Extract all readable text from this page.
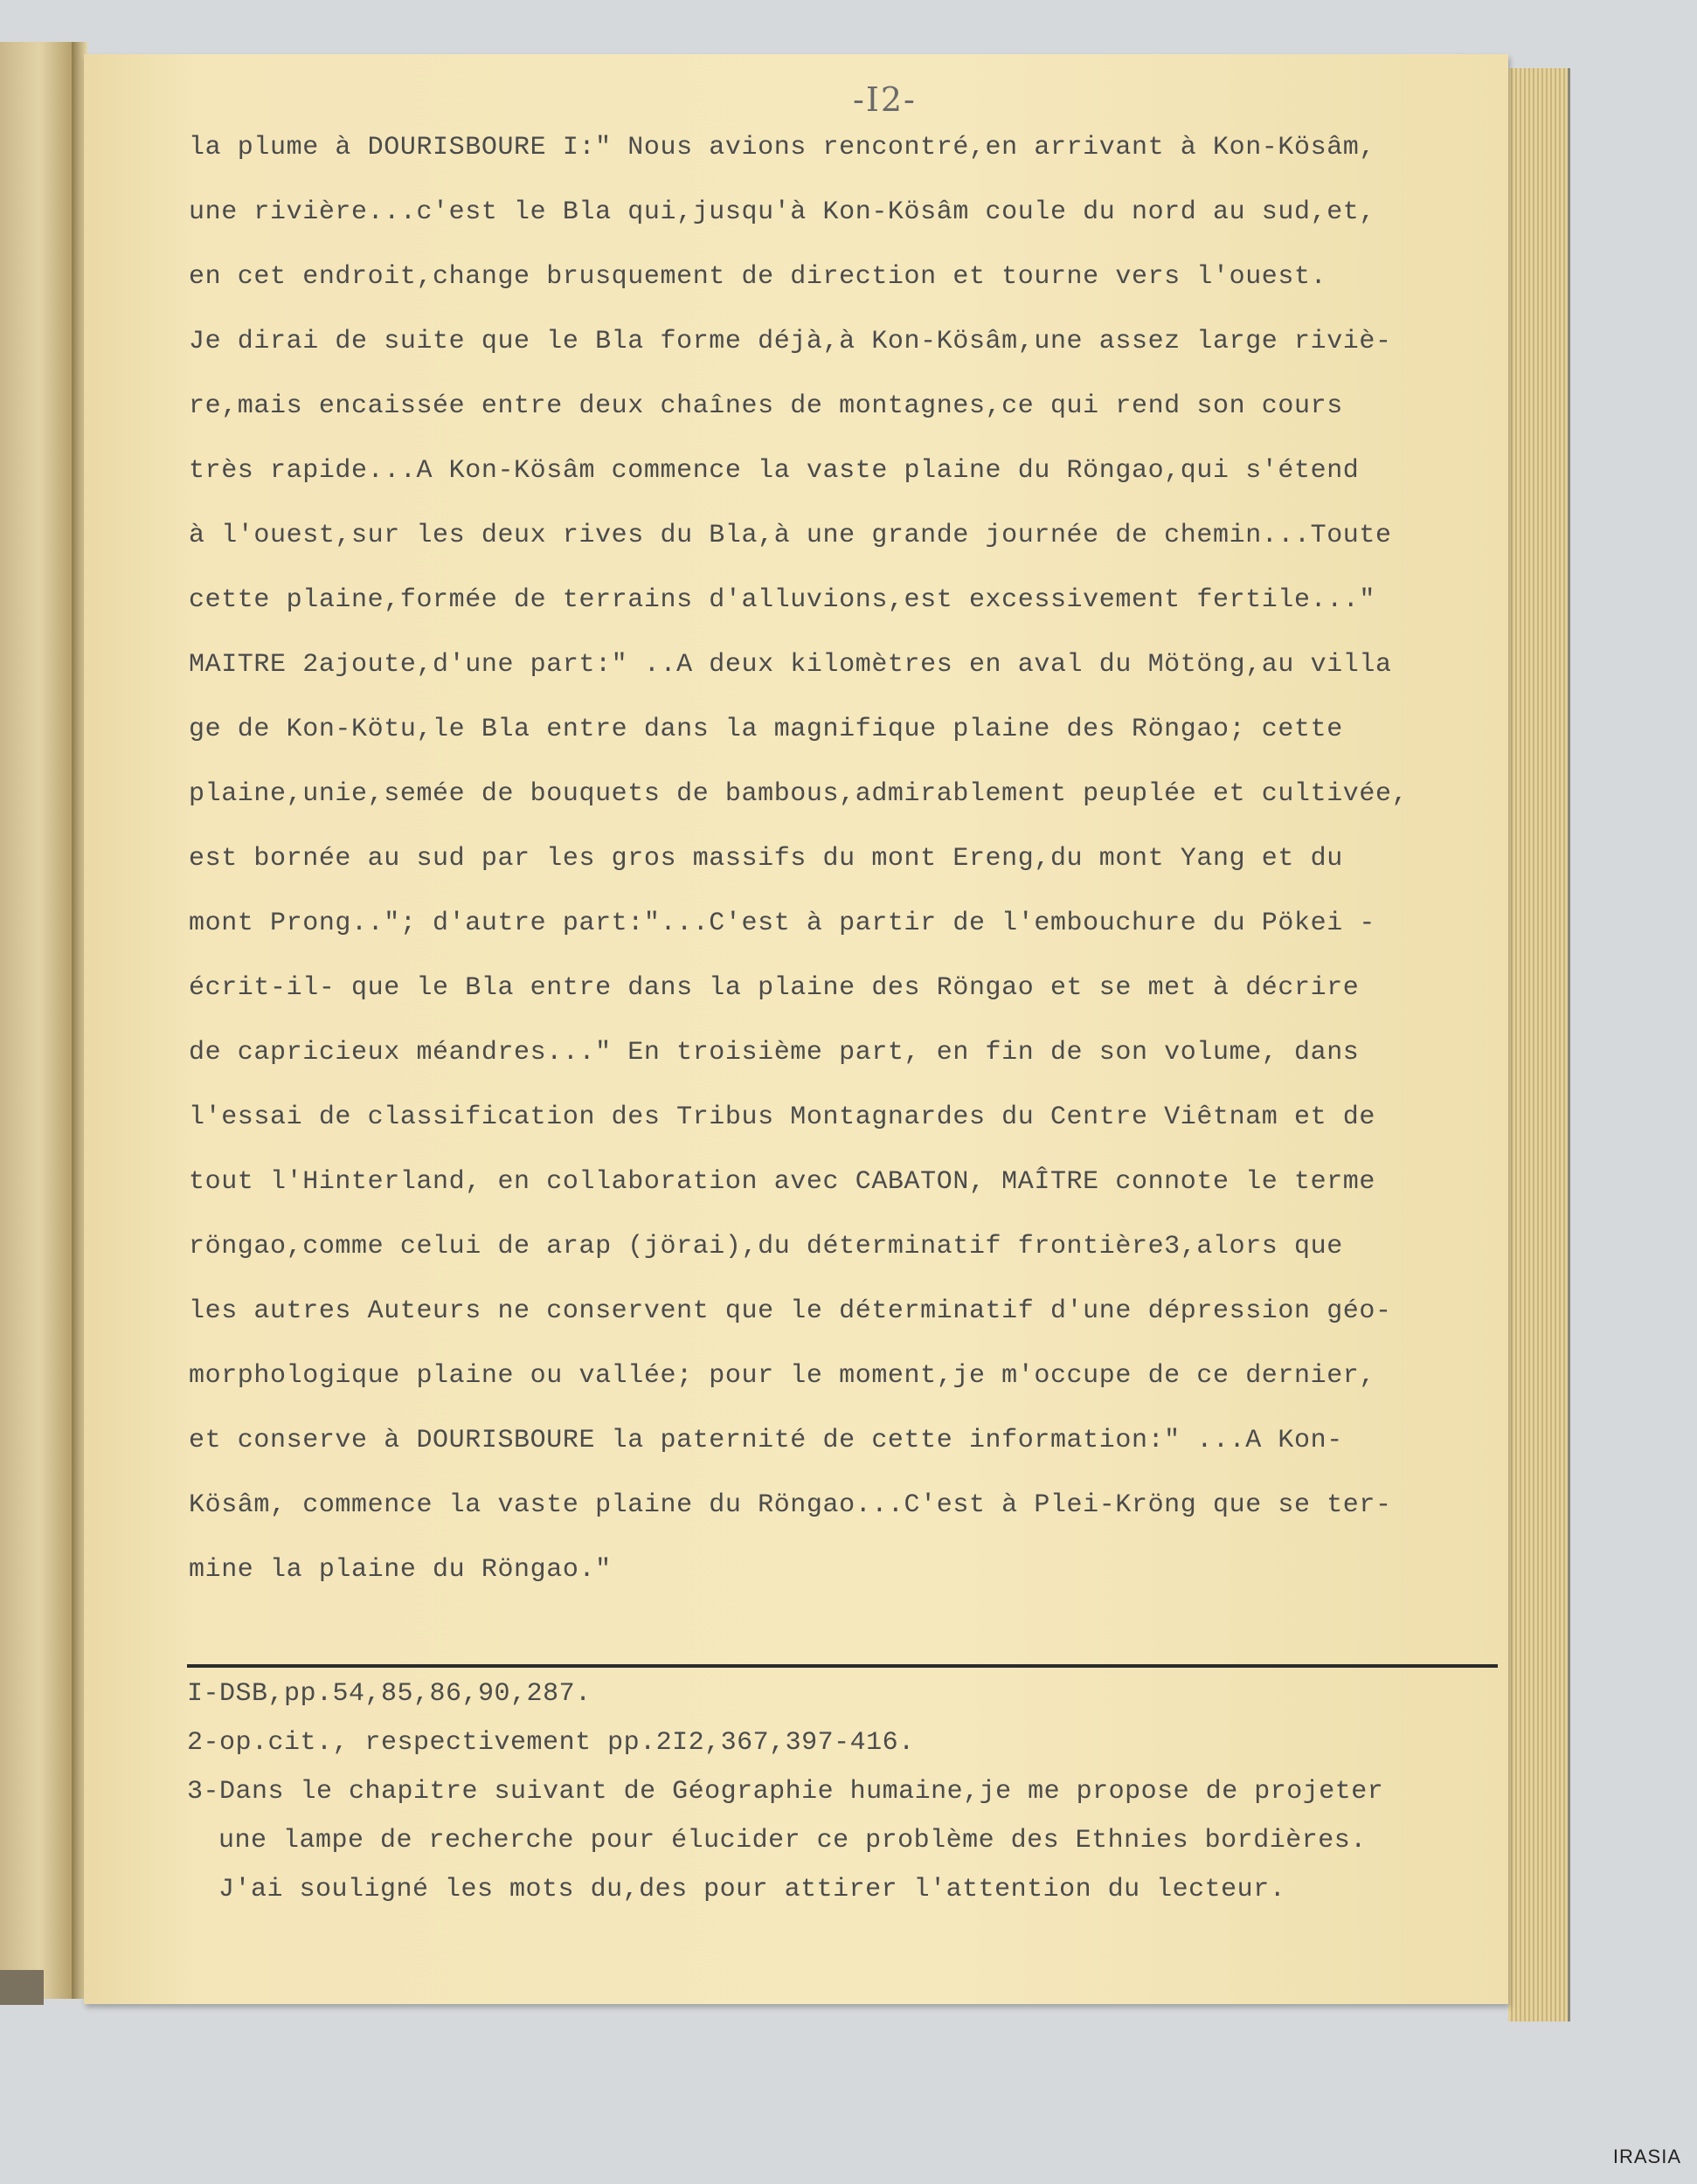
-I2-
la plume à DOURISBOURE I:" Nous avions rencontré,en arrivant à Kon-Kösâm,
une rivière...c'est le Bla qui,jusqu'à Kon-Kösâm coule du nord au sud,et,
en cet endroit,change brusquement de direction et tourne vers l'ouest.
Je dirai de suite que le Bla forme déjà,à Kon-Kösâm,une assez large riviè-
re,mais encaissée entre deux chaînes de montagnes,ce qui rend son cours
très rapide...A Kon-Kösâm commence la vaste plaine du Röngao,qui s'étend
à l'ouest,sur les deux rives du Bla,à une grande journée de chemin...Toute
cette plaine,formée de terrains d'alluvions,est excessivement fertile..."
MAITRE 2ajoute,d'une part:" ..A deux kilomètres en aval du Mötöng,au villa
ge de Kon-Kötu,le Bla entre dans la magnifique plaine des Röngao; cette
plaine,unie,semée de bouquets de bambous,admirablement peuplée et cultivée,
est bornée au sud par les gros massifs du mont Ereng,du mont Yang et du
mont Prong.."; d'autre part:"...C'est à partir de l'embouchure du Pökei -
écrit-il- que le Bla entre dans la plaine des Röngao et se met à décrire
de capricieux méandres..." En troisième part, en fin de son volume, dans
l'essai de classification des Tribus Montagnardes du Centre Viêtnam et de
tout l'Hinterland, en collaboration avec CABATON, MAÎTRE connote le terme
röngao,comme celui de arap (jörai),du déterminatif frontière3,alors que
les autres Auteurs ne conservent que le déterminatif d'une dépression géo-
morphologique plaine ou vallée; pour le moment,je m'occupe de ce dernier,
et conserve à DOURISBOURE la paternité de cette information:" ...A Kon-
Kösâm, commence la vaste plaine du Röngao...C'est à Plei-Kröng que se ter-
mine la plaine du Röngao."
I-DSB,pp.54,85,86,90,287.
2-op.cit., respectivement pp.2I2,367,397-416.
3-Dans le chapitre suivant de Géographie humaine,je me propose de projeter
une lampe de recherche pour élucider ce problème des Ethnies bordières.
J'ai souligné les mots du,des pour attirer l'attention du lecteur.
IRASIA
